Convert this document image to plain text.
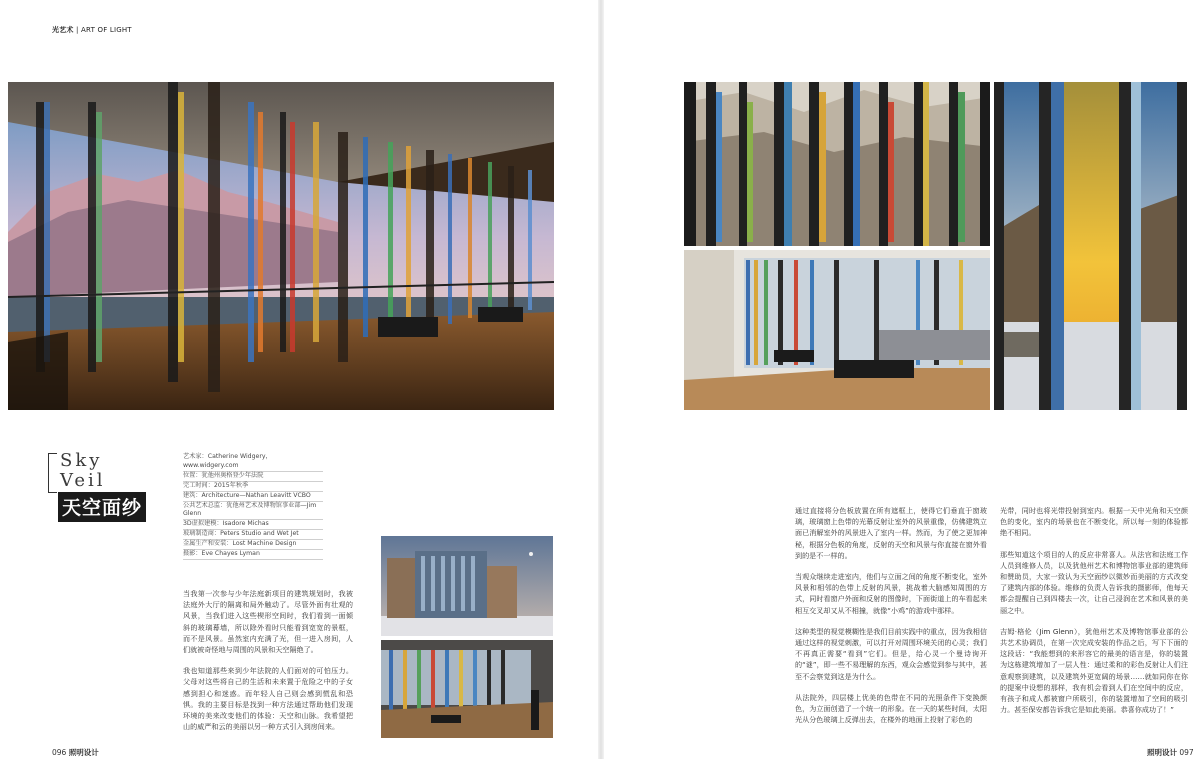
光艺术 | ART OF LIGHT
Sky
Veil
天空面纱
艺术家：Catherine Widgery，www.widgery.com
位置：犹他州奥格登少年法院
完工时间：2015年秋季
建筑：Architecture—Nathan Leavitt VCBO
公共艺术总监：犹他州艺术及博物馆事业部—Jim Glenn
3D虚拟建模：Isadore Michas
玻璃制造商：Peters Studio and Wet Jet
金属生产和安装：Lost Machine Design
摄影：Eve Chayes Lyman

当我第一次参与少年法庭新项目的建筑规划时，我被法庭外大厅的隔离和局外触动了。尽管外面有壮观的风景，当我们进入这些楔形空间时，我们看到一面倾斜的玻璃幕墙，所以除外看时只能看到宽宽的景框，而不是风景。虽然室内充满了光，但一进入房间，人们就被奇怪地与周围的风景和天空隔绝了。

我也知道那些来到少年法院的人们面对的可怕压力。父母对这些将自己的生活和未来置于危险之中的子女感到担心和迷惑。而年轻人自己则会感到慌乱和恐惧。我的主要目标是找到一种方法通过帮助他们发现环境的美来改变他们的体验：天空和山脉。我希望把山的威严和云的美丽以另一种方式引入到房间来。

通过直接将分色板放置在所有遮框上，使得它们垂直于窗玻璃，玻璃窗上色带的光幕反射让室外的风景重像，仿佛建筑立面已消解室外的风景进入了室内一样。然而，为了使之更加神秘，根据分色板的角度，反射的天空和风景与你直接在窗外看到的是不一样的。

当观众继续走进室内，他们与立面之间的角度不断变化，室外风景和相邻的色带上反射的风景，挑战着大脑感知周围的方式，同时看窗户外面和反射的图像时，下面街道上的车看起来相互交叉却又从不相撞，就像“小鸡”的游戏中那样。

这种类型的视觉模糊性是我们目前实践中的重点，因为我相信通过这样的视觉刺激，可以打开对周围环境关闭的心灵；我们不再真正需要“看到”它们。但是，给心灵一个曼诗询开的“谜”，即一些不易理解的东西，观众会感觉到参与其中，甚至不会察觉到这是为什么。

从法院外，四层楼上优美的色带在不同的光照条件下变换颜色，为立面创造了一个统一的形象。在一天的某些时间，太阳光从分色玻璃上反弹出去，在楼外的地面上投射了彩色的

光带，同时也将光带投射到室内。根据一天中光角和天空颜色的变化，室内的场景也在不断变化，所以每一刻的体验都绝不相同。

那些知道这个项目的人的反应非常喜人。从法官和法庭工作人员到维修人员，以及犹他州艺术和博物馆事业部的建筑师和赞助员，大家一致认为天空面纱以微妙而美丽的方式改变了建筑内部的体验。维修的负责人告诉我的摄影师，他每天都会提醒自己到四楼去一次，让自己浸润在艺术和风景的美丽之中。

吉姆·格伦（Jim Glenn），犹他州艺术及博物馆事业部的公共艺术协调员，在第一次完成安装的作品之后，写下下面的这段话：“我能想到的来形容它的最美的语言是，你的装置为这栋建筑增加了一层人性：通过柔和的彩色反射让人们注意观察到建筑，以及建筑外更宽阔的场景……就如同你在你的提案中设想的那样，我有机会看到人们在空间中的反应，有孩子和成人都被窗户所吸引，你的装置增加了空间的吸引力。甚至保安都告诉我它是如此美丽。恭喜你成功了！”

096 照明设计	照明设计 097
